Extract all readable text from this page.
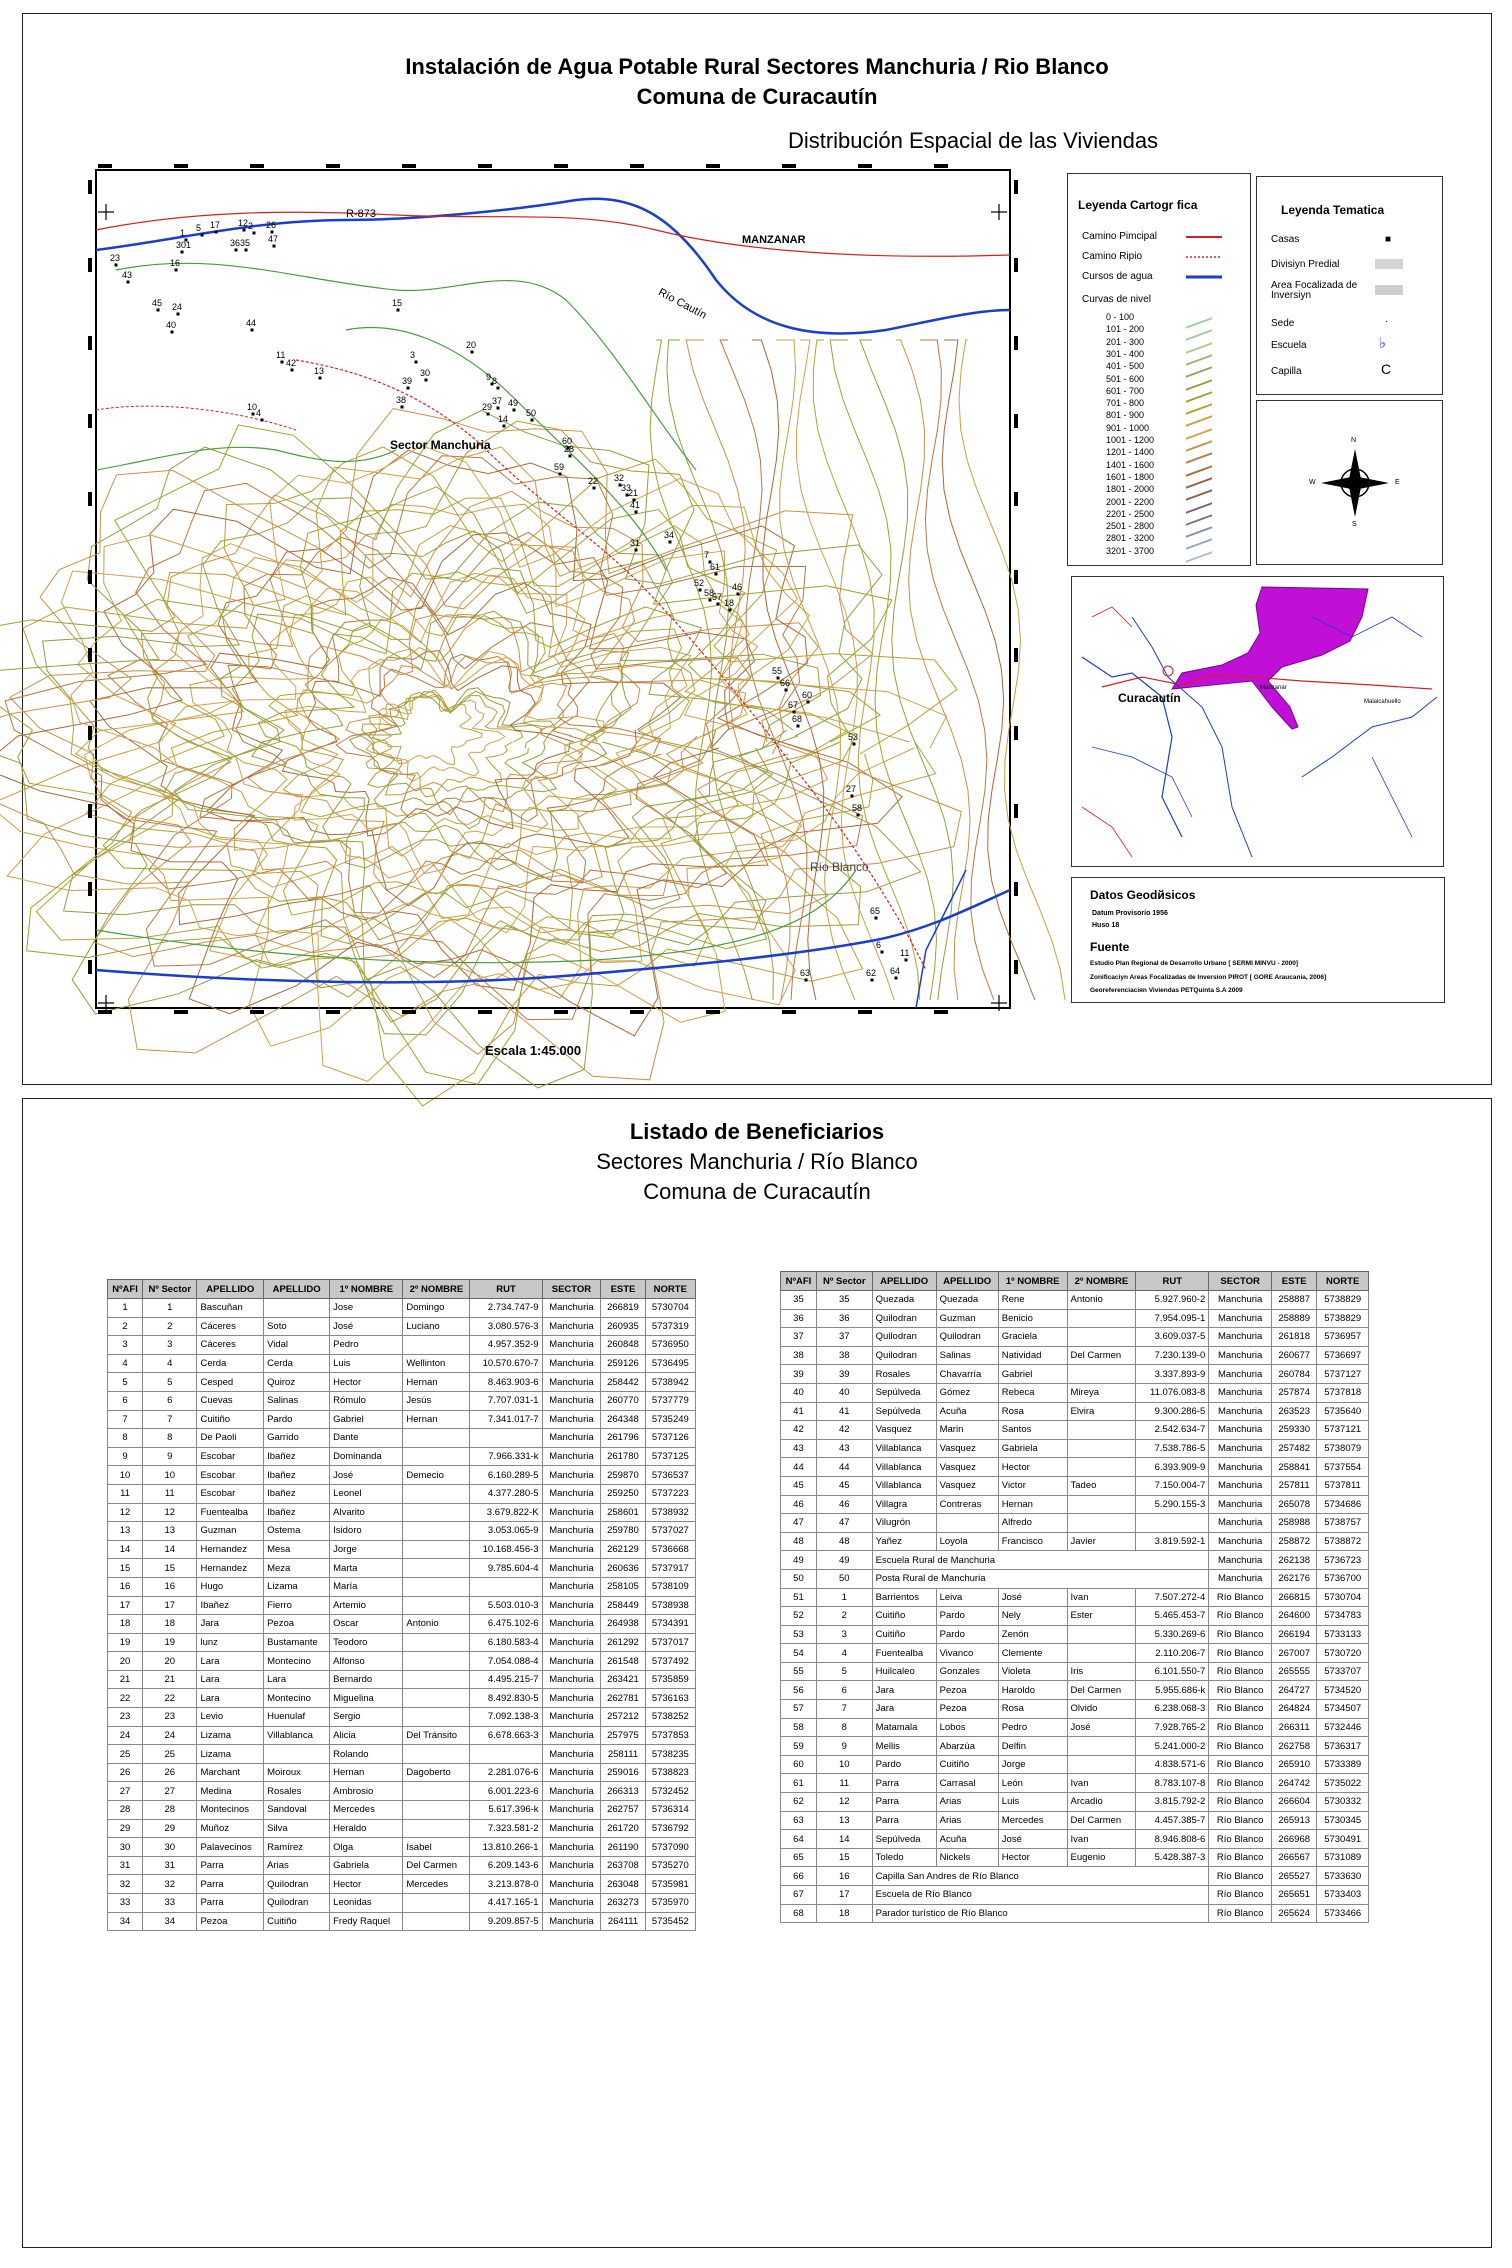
Instalación de Agua Potable Rural Sectores Manchuria / Rio Blanco
Comuna de Curacautín
Distribución Espacial de las Viviendas
23
43
5 17 12 2 26
36 35 47
1
301
16
45 24
40	44
15
11
42
13
20
3
30
39	9 8
10
4
38
29
37 49
14
50
60
28
59
22 32
33
21
41
34
31
7
61
52	46
58
57
18
55
66
67
60
68
53
27
58
65
6
11
63	62 64
R-873
MANZANAR
Río Cautín
Sector Manchuria
Río Blanco
Escala 1:45.000
Leyenda Cartogr fica
Camino Pimcipal
Camino Ripio
Cursos de agua
Curvas de nivel
0 - 100
101 - 200
201 - 300
301 - 400
401 - 500
501 - 600
601 - 700
701 - 800
801 - 900
901 - 1000
1001 - 1200
1201 - 1400
1401 - 1600
1601 - 1800
1801 - 2000
2001 - 2200
2201 - 2500
2501 - 2800
2801 - 3200
3201 - 3700
Leyenda Tematica
Casas
Divisiyn Predial
Area Focalizada de Inversiyn
Sede
Escuela
Capilla
■
·
♭
C
N
S
W	E
Curacautín
Manzanar
Malalcahuello
Datos Geodйsicos
Datum Provisorio 1956
Huso 18
Fuente
Estudio Plan Regional de Desarrollo Urbano [ SERMI MINVU - 2000]
Zonificaciyn Areas Focalizadas de Inversion PIROT [ GORE Araucania, 2006]
Georeferenciaciяn Viviendas PETQuinta S.A 2009
Listado de Beneficiarios
Sectores Manchuria / Río Blanco
Comuna de Curacautín
NºAFI	Nº Sector	APELLIDO	APELLIDO	1º NOMBRE	2º NOMBRE	RUT	SECTOR	ESTE	NORTE
1	1	Bascuñan		Jose	Domingo	2.734.747-9	Manchuria	266819	5730704
2	2	Cáceres	Soto	José	Luciano	3.080.576-3	Manchuria	260935	5737319
3	3	Cáceres	Vidal	Pedro		4.957.352-9	Manchuria	260848	5736950
4	4	Cerda	Cerda	Luis	Wellinton	10.570.670-7	Manchuria	259126	5736495
5	5	Cesped	Quiroz	Hector	Hernan	8.463.903-6	Manchuria	258442	5738942
6	6	Cuevas	Salinas	Rómulo	Jesús	7.707.031-1	Manchuria	260770	5737779
7	7	Cuitiño	Pardo	Gabriel	Hernan	7.341.017-7	Manchuria	264348	5735249
8	8	De Paoli	Garrido	Dante			Manchuria	261796	5737126
9	9	Escobar	Ibañez	Dominanda		7.966.331-k	Manchuria	261780	5737125
10	10	Escobar	Ibañez	José	Demecio	6.160.289-5	Manchuria	259870	5736537
11	11	Escobar	Ibañez	Leonel		4.377.280-5	Manchuria	259250	5737223
12	12	Fuentealba	Ibañez	Alvarito		3.679.822-K	Manchuria	258601	5738932
13	13	Guzman	Ostema	Isidoro		3.053.065-9	Manchuria	259780	5737027
14	14	Hernandez	Mesa	Jorge		10.168.456-3	Manchuria	262129	5736668
15	15	Hernandez	Meza	Marta		9.785.604-4	Manchuria	260636	5737917
16	16	Hugo	Lizama	María			Manchuria	258105	5738109
17	17	Ibañez	Fierro	Artemio		5.503.010-3	Manchuria	258449	5738938
18	18	Jara	Pezoa	Oscar	Antonio	6.475.102-6	Manchuria	264938	5734391
19	19	lunz	Bustamante	Teodoro		6.180.583-4	Manchuria	261292	5737017
20	20	Lara	Montecino	Alfonso		7.054.088-4	Manchuria	261548	5737492
21	21	Lara	Lara	Bernardo		4.495.215-7	Manchuria	263421	5735859
22	22	Lara	Montecino	Miguelina		8.492.830-5	Manchuria	262781	5736163
23	23	Levio	Huenulaf	Sergio		7.092.138-3	Manchuria	257212	5738252
24	24	Lizama	Villablanca	Alicia	Del Tránsito	6.678.663-3	Manchuria	257975	5737853
25	25	Lizama		Rolando			Manchuria	258111	5738235
26	26	Marchant	Moiroux	Hernan	Dagoberto	2.281.076-6	Manchuria	259016	5738823
27	27	Medina	Rosales	Ambrosio		6.001.223-6	Manchuria	266313	5732452
28	28	Montecinos	Sandoval	Mercedes		5.617.396-k	Manchuria	262757	5736314
29	29	Muñoz	Silva	Heraldo		7.323.581-2	Manchuria	261720	5736792
30	30	Palavecinos	Ramírez	Olga	Isabel	13.810.266-1	Manchuria	261190	5737090
31	31	Parra	Arias	Gabriela	Del Carmen	6.209.143-6	Manchuria	263708	5735270
32	32	Parra	Quilodran	Hector	Mercedes	3.213.878-0	Manchuria	263048	5735981
33	33	Parra	Quilodran	Leonidas		4.417.165-1	Manchuria	263273	5735970
34	34	Pezoa	Cuitiño	Fredy Raquel		9.209.857-5	Manchuria	264111	5735452
NºAFI	Nº Sector	APELLIDO	APELLIDO	1º NOMBRE	2º NOMBRE	RUT	SECTOR	ESTE	NORTE
35	35	Quezada	Quezada	Rene	Antonio	5.927.960-2	Manchuria	258887	5738829
36	36	Quilodran	Guzman	Benicio		7.954.095-1	Manchuria	258889	5738829
37	37	Quilodran	Quilodran	Graciela		3.609.037-5	Manchuria	261818	5736957
38	38	Quilodran	Salinas	Natividad	Del Carmen	7.230.139-0	Manchuria	260677	5736697
39	39	Rosales	Chavarría	Gabriel		3.337.893-9	Manchuria	260784	5737127
40	40	Sepúlveda	Gómez	Rebeca	Mireya	11.076.083-8	Manchuria	257874	5737818
41	41	Sepúlveda	Acuña	Rosa	Elvira	9.300.286-5	Manchuria	263523	5735640
42	42	Vasquez	Marin	Santos		2.542.634-7	Manchuria	259330	5737121
43	43	Villablanca	Vasquez	Gabriela		7.538.786-5	Manchuria	257482	5738079
44	44	Villablanca	Vasquez	Hector		6.393.909-9	Manchuria	258841	5737554
45	45	Villablanca	Vasquez	Victor	Tadeo	7.150.004-7	Manchuria	257811	5737811
46	46	Villagra	Contreras	Hernan		5.290.155-3	Manchuria	265078	5734686
47	47	Vilugrón		Alfredo			Manchuria	258988	5738757
48	48	Yañez	Loyola	Francisco	Javier	3.819.592-1	Manchuria	258872	5738872
49	49	Escuela Rural de Manchuria					Manchuria	262138	5736723
50	50	Posta Rural de Manchuria					Manchuria	262176	5736700
51	1	Barrientos	Leiva	José	Ivan	7.507.272-4	Río Blanco	266815	5730704
52	2	Cuitiño	Pardo	Nely	Ester	5.465.453-7	Río Blanco	264600	5734783
53	3	Cuitiño	Pardo	Zenón		5.330.269-6	Río Blanco	266194	5733133
54	4	Fuentealba	Vivanco	Clemente		2.110.206-7	Río Blanco	267007	5730720
55	5	Huilcaleo	Gonzales	Violeta	Iris	6.101.550-7	Río Blanco	265555	5733707
56	6	Jara	Pezoa	Haroldo	Del Carmen	5.955.686-k	Río Blanco	264727	5734520
57	7	Jara	Pezoa	Rosa	Olvido	6.238.068-3	Río Blanco	264824	5734507
58	8	Matamala	Lobos	Pedro	José	7.928.765-2	Río Blanco	266311	5732446
59	9	Mellis	Abarzúa	Delfin		5.241.000-2	Río Blanco	262758	5736317
60	10	Pardo	Cuitiño	Jorge		4.838.571-6	Río Blanco	265910	5733389
61	11	Parra	Carrasal	León	Ivan	8.783.107-8	Río Blanco	264742	5735022
62	12	Parra	Arias	Luis	Arcadio	3.815.792-2	Río Blanco	266604	5730332
63	13	Parra	Arias	Mercedes	Del Carmen	4.457.385-7	Río Blanco	265913	5730345
64	14	Sepúlveda	Acuña	José	Ivan	8.946.808-6	Río Blanco	266968	5730491
65	15	Toledo	Nickels	Hector	Eugenio	5.428.387-3	Río Blanco	266567	5731089
66	16	Capilla San Andres de Río Blanco					Río Blanco	265527	5733630
67	17	Escuela de Río Blanco					Río Blanco	265651	5733403
68	18	Parador turístico de Río Blanco					Río Blanco	265624	5733466
